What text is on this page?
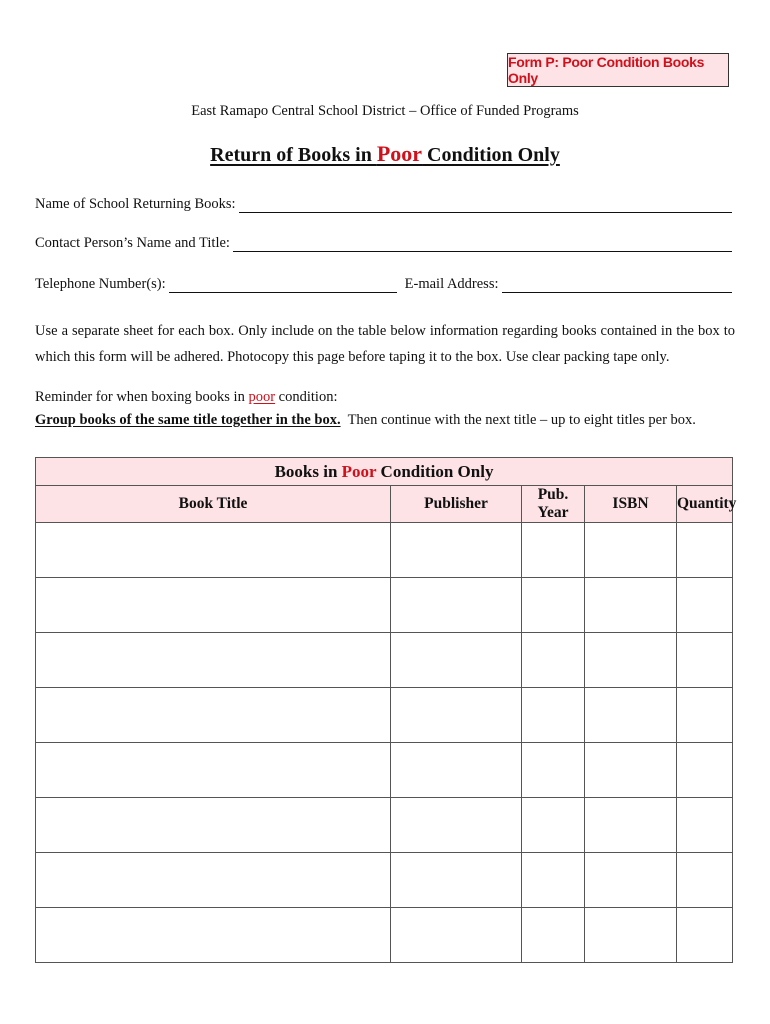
Form P: Poor Condition Books Only
East Ramapo Central School District – Office of Funded Programs
Return of Books in Poor Condition Only
Name of School Returning Books:
Contact Person’s Name and Title:
Telephone Number(s):	E-mail Address:
Use a separate sheet for each box. Only include on the table below information regarding books contained in the box to which this form will be adhered. Photocopy this page before taping it to the box. Use clear packing tape only.
Reminder for when boxing books in poor condition:
Group books of the same title together in the box.  Then continue with the next title – up to eight titles per box.
Books in Poor Condition Only				
Book Title	Publisher	Pub. Year	ISBN	Quantity
